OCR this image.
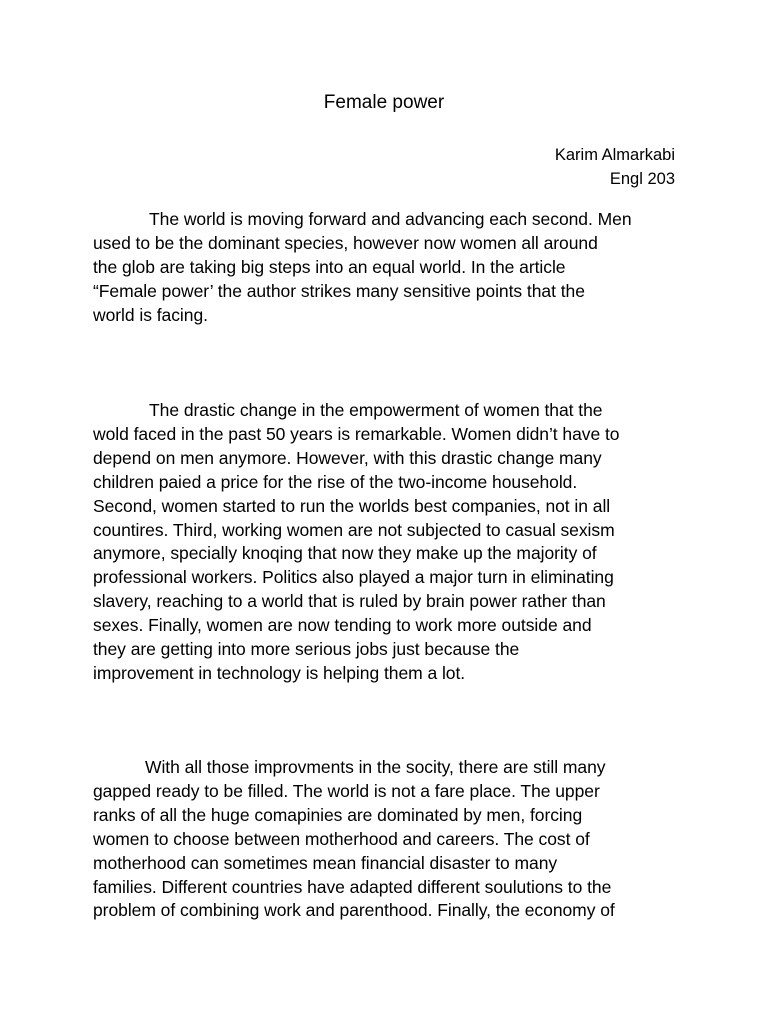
Female power
Karim Almarkabi
Engl 203

The world is moving forward and advancing each second. Men
used to be the dominant species, however now women all around
the glob are taking big steps into an equal world. In the article
“Female power’ the author strikes many sensitive points that the
world is facing.

The drastic change in the empowerment of women that the
wold faced in the past 50 years is remarkable. Women didn’t have to
depend on men anymore. However, with this drastic change many
children paied a price for the rise of the two-income household.
Second, women started to run the worlds best companies, not in all
countires. Third, working women are not subjected to casual sexism
anymore, specially knoqing that now they make up the majority of
professional workers. Politics also played a major turn in eliminating
slavery, reaching to a world that is ruled by brain power rather than
sexes. Finally, women are now tending to work more outside and
they are getting into more serious jobs just because the
improvement in technology is helping them a lot.

With all those improvments in the socity, there are still many
gapped ready to be filled. The world is not a fare place. The upper
ranks of all the huge comapinies are dominated by men, forcing
women to choose between motherhood and careers. The cost of
motherhood can sometimes mean financial disaster to many
families. Different countries have adapted different soulutions to the
problem of combining work and parenthood. Finally, the economy of
